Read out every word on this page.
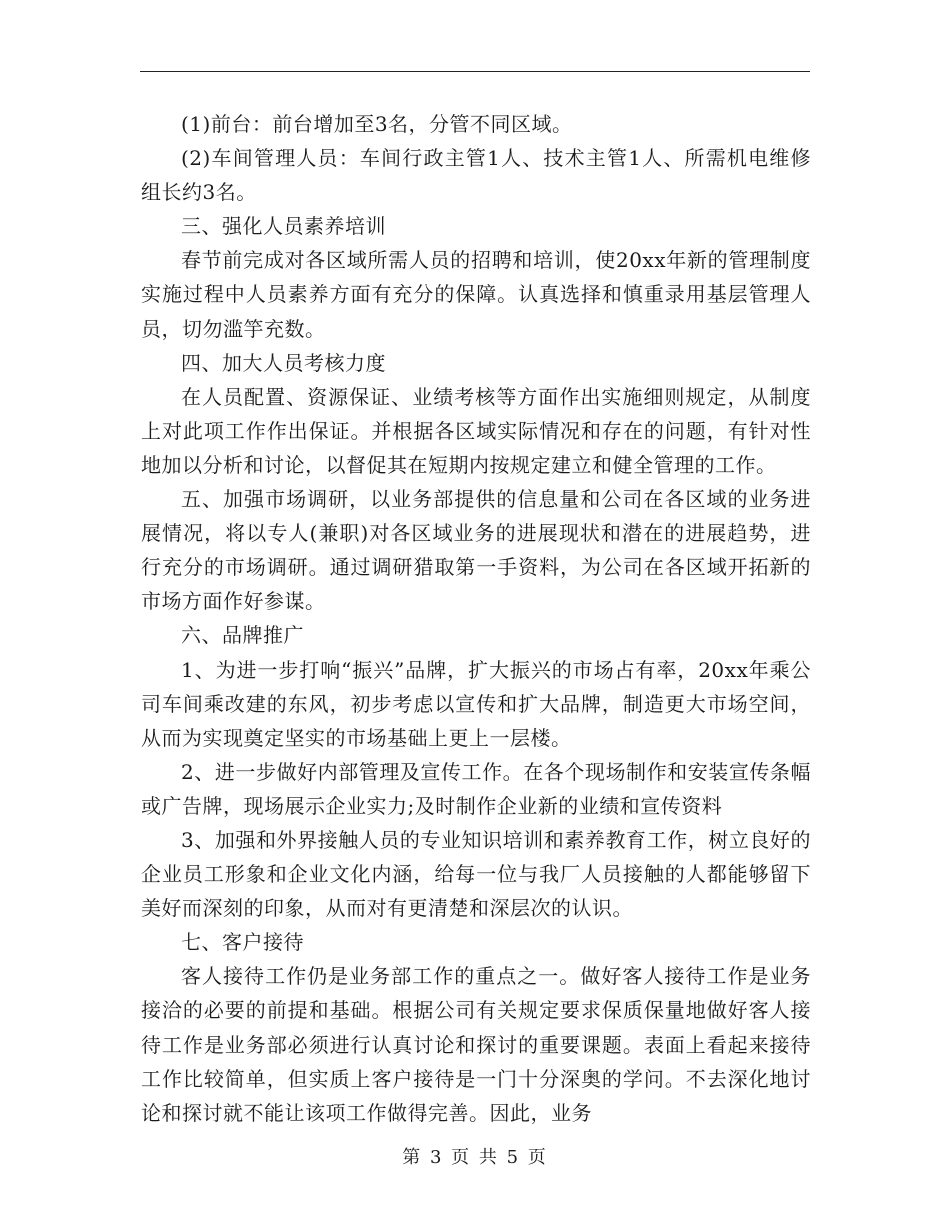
(1)前台：前台增加至3名，分管不同区域。

(2)车间管理人员：车间行政主管1人、技术主管1人、所需机电维修组长约3名。

三、强化人员素养培训

春节前完成对各区域所需人员的招聘和培训，使20xx年新的管理制度实施过程中人员素养方面有充分的保障。认真选择和慎重录用基层管理人员，切勿滥竽充数。

四、加大人员考核力度

在人员配置、资源保证、业绩考核等方面作出实施细则规定，从制度上对此项工作作出保证。并根据各区域实际情况和存在的问题，有针对性地加以分析和讨论，以督促其在短期内按规定建立和健全管理的工作。

五、加强市场调研，以业务部提供的信息量和公司在各区域的业务进展情况，将以专人(兼职)对各区域业务的进展现状和潜在的进展趋势，进行充分的市场调研。通过调研猎取第一手资料，为公司在各区域开拓新的市场方面作好参谋。

六、品牌推广

1、为进一步打响“振兴”品牌，扩大振兴的市场占有率，20xx年乘公司车间乘改建的东风，初步考虑以宣传和扩大品牌，制造更大市场空间，从而为实现奠定坚实的市场基础上更上一层楼。

2、进一步做好内部管理及宣传工作。在各个现场制作和安装宣传条幅或广告牌，现场展示企业实力;及时制作企业新的业绩和宣传资料

3、加强和外界接触人员的专业知识培训和素养教育工作，树立良好的企业员工形象和企业文化内涵，给每一位与我厂人员接触的人都能够留下美好而深刻的印象，从而对有更清楚和深层次的认识。

七、客户接待

客人接待工作仍是业务部工作的重点之一。做好客人接待工作是业务接洽的必要的前提和基础。根据公司有关规定要求保质保量地做好客人接待工作是业务部必须进行认真讨论和探讨的重要课题。表面上看起来接待工作比较简单，但实质上客户接待是一门十分深奥的学问。不去深化地讨论和探讨就不能让该项工作做得完善。因此，业务

第 3 页 共 5 页
